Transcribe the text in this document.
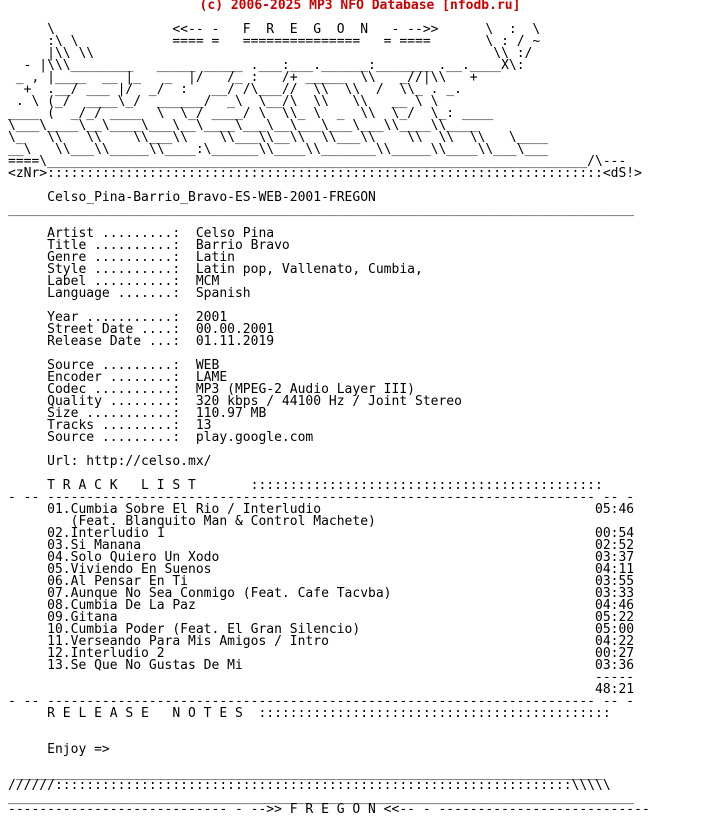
(c) 2006-2025 MP3 NFO Database [nfodb.ru]
\               <<-- -   F  R  E  G  O  N   - -->>      \  :  \
:\ \            ==== =   ===============   = ====       \ : / ~
|\\ \\                                                   \\ :/
- |\\\________   _____ _____ .___:___.______:_______ .__.____X\:
_ , |____  __ |_   _  |/   /_ :   /+ _____  \\   _//|\\   +
+  .__/ ___ |/  _/  :   __/ /\___//  \\  \\  /  \\_ . _.
. \ (_/  ____\_/  ______/  _\  \__/\  \\   \\   __ \ \
____ (  _/_/ ____  \  \_/ ____/ \  \\_ \  _  \\  \_/  \_: ____
\___\____\__\____\___\__\____\___\__\___\___\___\\____\\____
\_   \\   \\    \\___\\    \\___\\__\\  \\___\\    \\  \\  \\   \____
__\   \\___\\_____\\____:\______\\____\\_______\\_____\\____\\___\___
====\_____________________________________________________________________/\---
<zNr>:::::::::::::::::::::::::::::::::::::::::::::::::::::::::::::::::::::::<dS!>

Celso_Pina-Barrio_Bravo-ES-WEB-2001-FREGON
________________________________________________________________________________

Artist .........:  Celso Pina
Title ..........:  Barrio Bravo
Genre ..........:  Latin
Style ..........:  Latin pop, Vallenato, Cumbia,
Label ..........:  MCM
Language .......:  Spanish

Year ...........:  2001
Street Date ....:  00.00.2001
Release Date ...:  01.11.2019

Source .........:  WEB
Encoder ........:  LAME
Codec ..........:  MP3 (MPEG-2 Audio Layer III)
Quality ........:  320 kbps / 44100 Hz / Joint Stereo
Size ...........:  110.97 MB
Tracks .........:  13
Source .........:  play.google.com

Url: http://celso.mx/

T R A C K   L I S T       :::::::::::::::::::::::::::::::::::::::::::::
- -- ---------------------------------------------------------------------- -- -
01.Cumbia Sobre El Rio / Interludio                                   05:46
(Feat. Blanquito Man & Control Machete)
02.Interludio 1                                                       00:54
03.Si Manana                                                          02:52
04.Solo Quiero Un Xodo                                                03:37
05.Viviendo En Suenos                                                 04:11
06.Al Pensar En Ti                                                    03:55
07.Aunque No Sea Conmigo (Feat. Cafe Tacvba)                          03:33
08.Cumbia De La Paz                                                   04:46
09.Gitana                                                             05:22
10.Cumbia Poder (Feat. El Gran Silencio)                              05:00
11.Verseando Para Mis Amigos / Intro                                  04:22
12.Interludio 2                                                       00:27
13.Se Que No Gustas De Mi                                             03:36
-----
48:21
- -- ---------------------------------------------------------------------- -- -
R E L E A S E   N O T E S  :::::::::::::::::::::::::::::::::::::::::::::

Enjoy =>

___________________________________________________________________________
//////::::::::::::::::::::::::::::::::::::::::::::::::::::::::::::::::::\\\\\
________________________________________________________________________________
---------------------------- - -->> F R E G O N <<-- - ---------------------------
